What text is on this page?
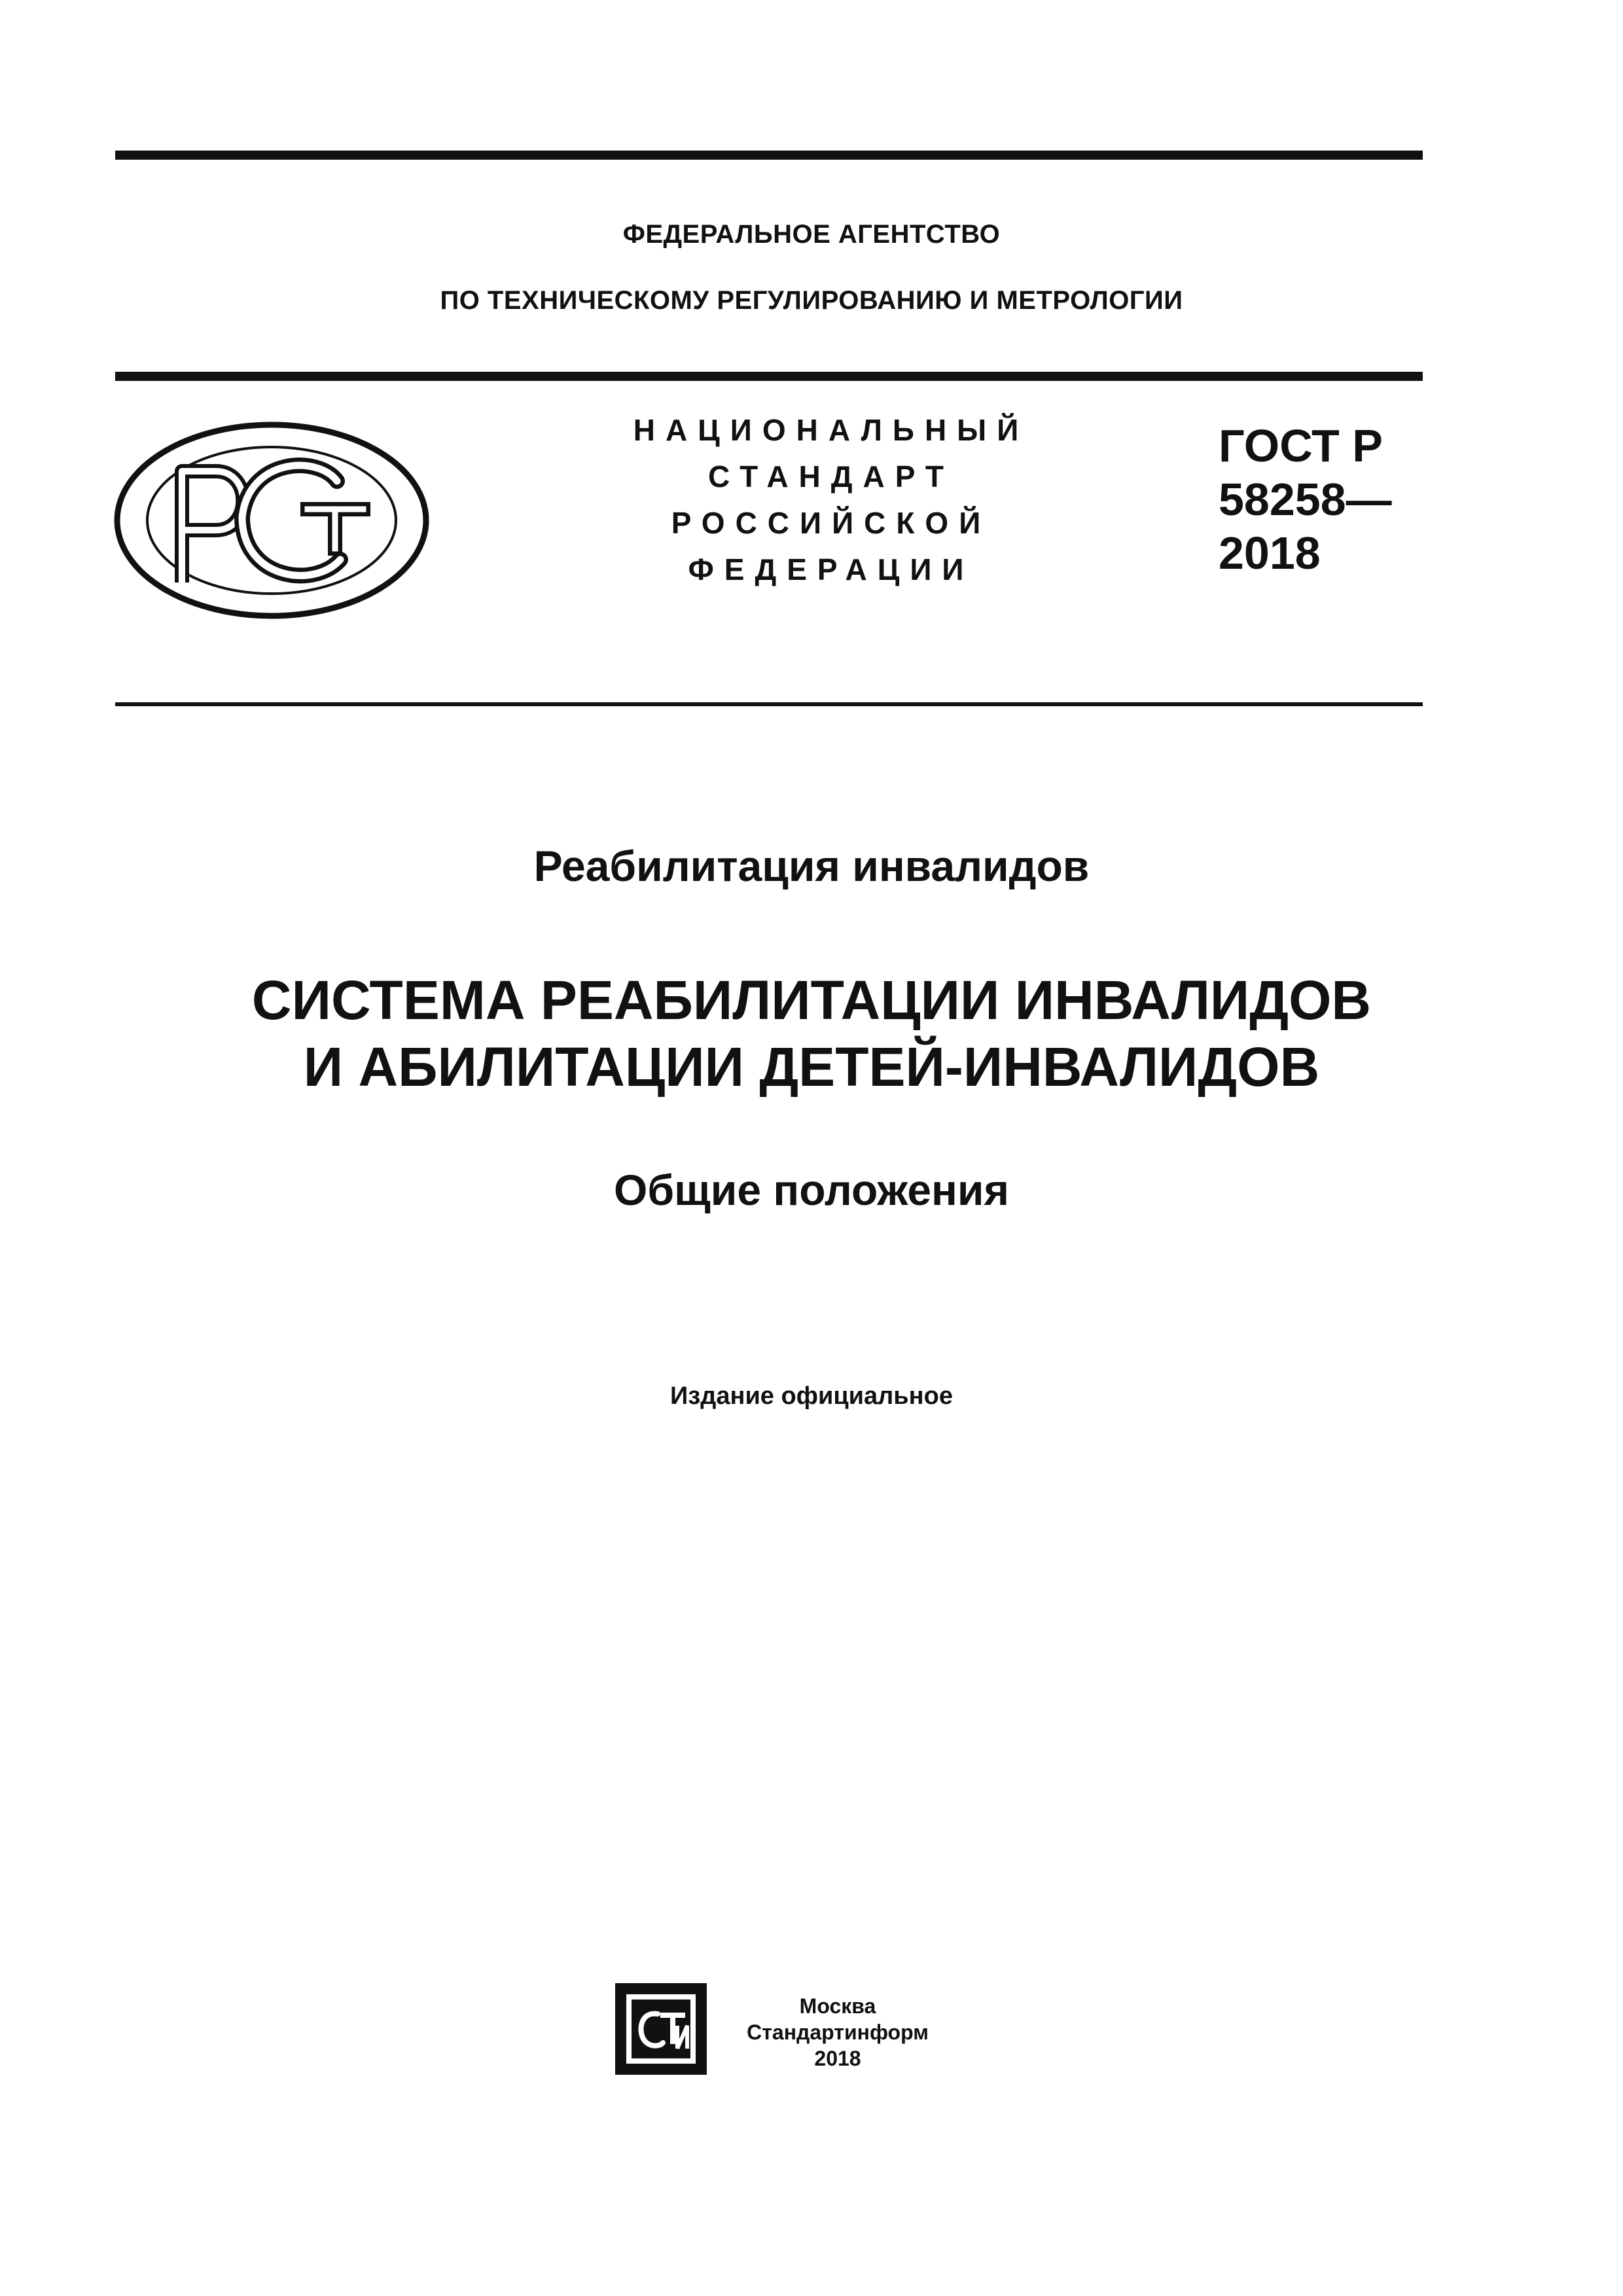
ФЕДЕРАЛЬНОЕ АГЕНТСТВО
ПО ТЕХНИЧЕСКОМУ РЕГУЛИРОВАНИЮ И МЕТРОЛОГИИ
РСТ	НАЦИОНАЛЬНЫЙ
СТАНДАРТ
РОССИЙСКОЙ
ФЕДЕРАЦИИ
ГОСТ Р
58258—
2018
Реабилитация инвалидов
СИСТЕМА РЕАБИЛИТАЦИИ ИНВАЛИДОВ
И АБИЛИТАЦИИ ДЕТЕЙ-ИНВАЛИДОВ
Общие положения
Издание официальное
СТИ
Москва
Стандартинформ
2018
